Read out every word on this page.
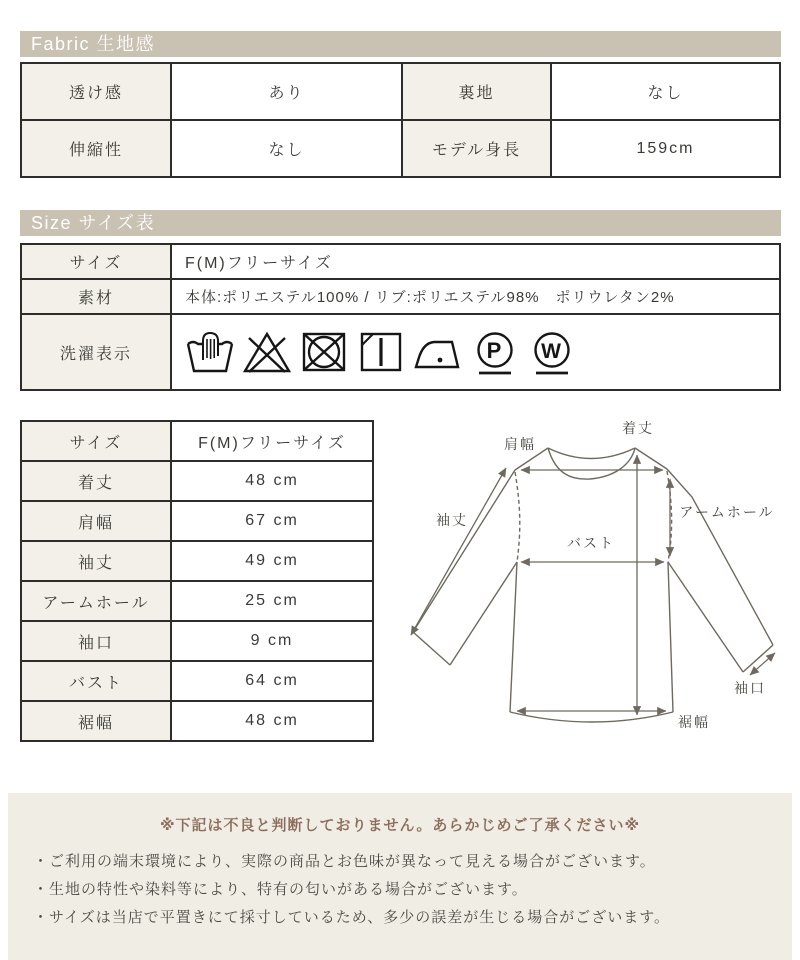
Fabric 生地感
透け感	あり	裏地	なし
伸縮性	なし	モデル身長	159cm
Size サイズ表
サイズ	F(M)フリーサイズ
素材	本体:ポリエステル100% / リブ:ポリエステル98%　ポリウレタン2%
洗濯表示	P W
サイズ	F(M)フリーサイズ
着丈	48 cm
肩幅	67 cm
袖丈	49 cm
アームホール	25 cm
袖口	9 cm
バスト	64 cm
裾幅	48 cm
着丈
肩幅
袖丈	アームホール
バスト
袖口
裾幅
※下記は不良と判断しておりません。あらかじめご了承ください※
・ご利用の端末環境により、実際の商品とお色味が異なって見える場合がございます。
・生地の特性や染料等により、特有の匂いがある場合がございます。
・サイズは当店で平置きにて採寸しているため、多少の誤差が生じる場合がございます。
